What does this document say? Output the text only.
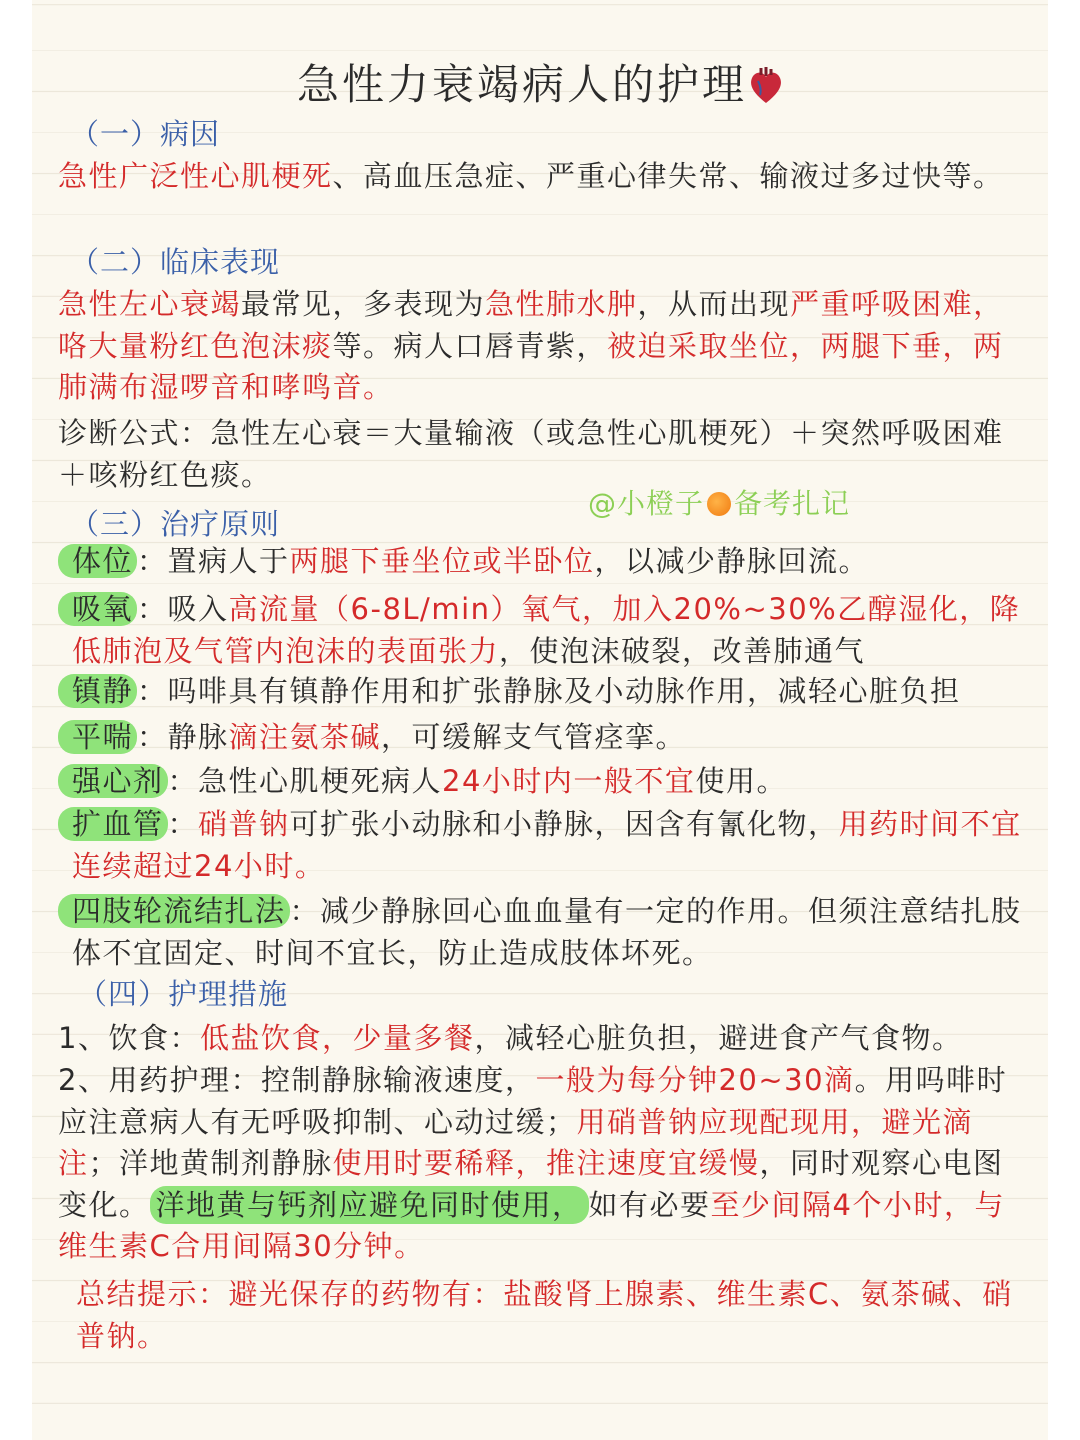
急性力衰竭病人的护理
（一）病因
急性广泛性心肌梗死、高血压急症、严重心律失常、输液过多过快等。
（二）临床表现
急性左心衰竭最常见，多表现为急性肺水肿，从而出现严重呼吸困难，咯大量粉红色泡沫痰等。病人口唇青紫，被迫采取坐位，两腿下垂，两肺满布湿啰音和哮鸣音。
诊断公式：急性左心衰＝大量输液（或急性心肌梗死）＋突然呼吸困难＋咳粉红色痰。
@小橙子 备考扎记
（三）治疗原则
体位 ：置病人于两腿下垂坐位或半卧位，以减少静脉回流。
吸氧 ：吸入高流量（6-8L/min）氧气，加入20%~30%乙醇湿化，降低肺泡及气管内泡沫的表面张力，使泡沫破裂，改善肺通气
镇静 ：吗啡具有镇静作用和扩张静脉及小动脉作用，减轻心脏负担
平喘 ：静脉滴注氨茶碱，可缓解支气管痉挛。
强心剂 ：急性心肌梗死病人24小时内一般不宜使用。
扩血管 ：硝普钠可扩张小动脉和小静脉，因含有氰化物，用药时间不宜连续超过24小时。
四肢轮流结扎法 ：减少静脉回心血血量有一定的作用。但须注意结扎肢体不宜固定、时间不宜长，防止造成肢体坏死。
（四）护理措施
1、饮食：低盐饮食，少量多餐，减轻心脏负担，避进食产气食物。
2、用药护理：控制静脉输液速度，一般为每分钟20~30滴。用吗啡时应注意病人有无呼吸抑制、心动过缓；用硝普钠应现配现用，避光滴注；洋地黄制剂静脉使用时要稀释，推注速度宜缓慢，同时观察心电图变化。 洋地黄与钙剂应避免同时使用， 如有必要至少间隔4个小时，与维生素C合用间隔30分钟。
总结提示：避光保存的药物有：盐酸肾上腺素、维生素C、氨茶碱、硝普钠。
